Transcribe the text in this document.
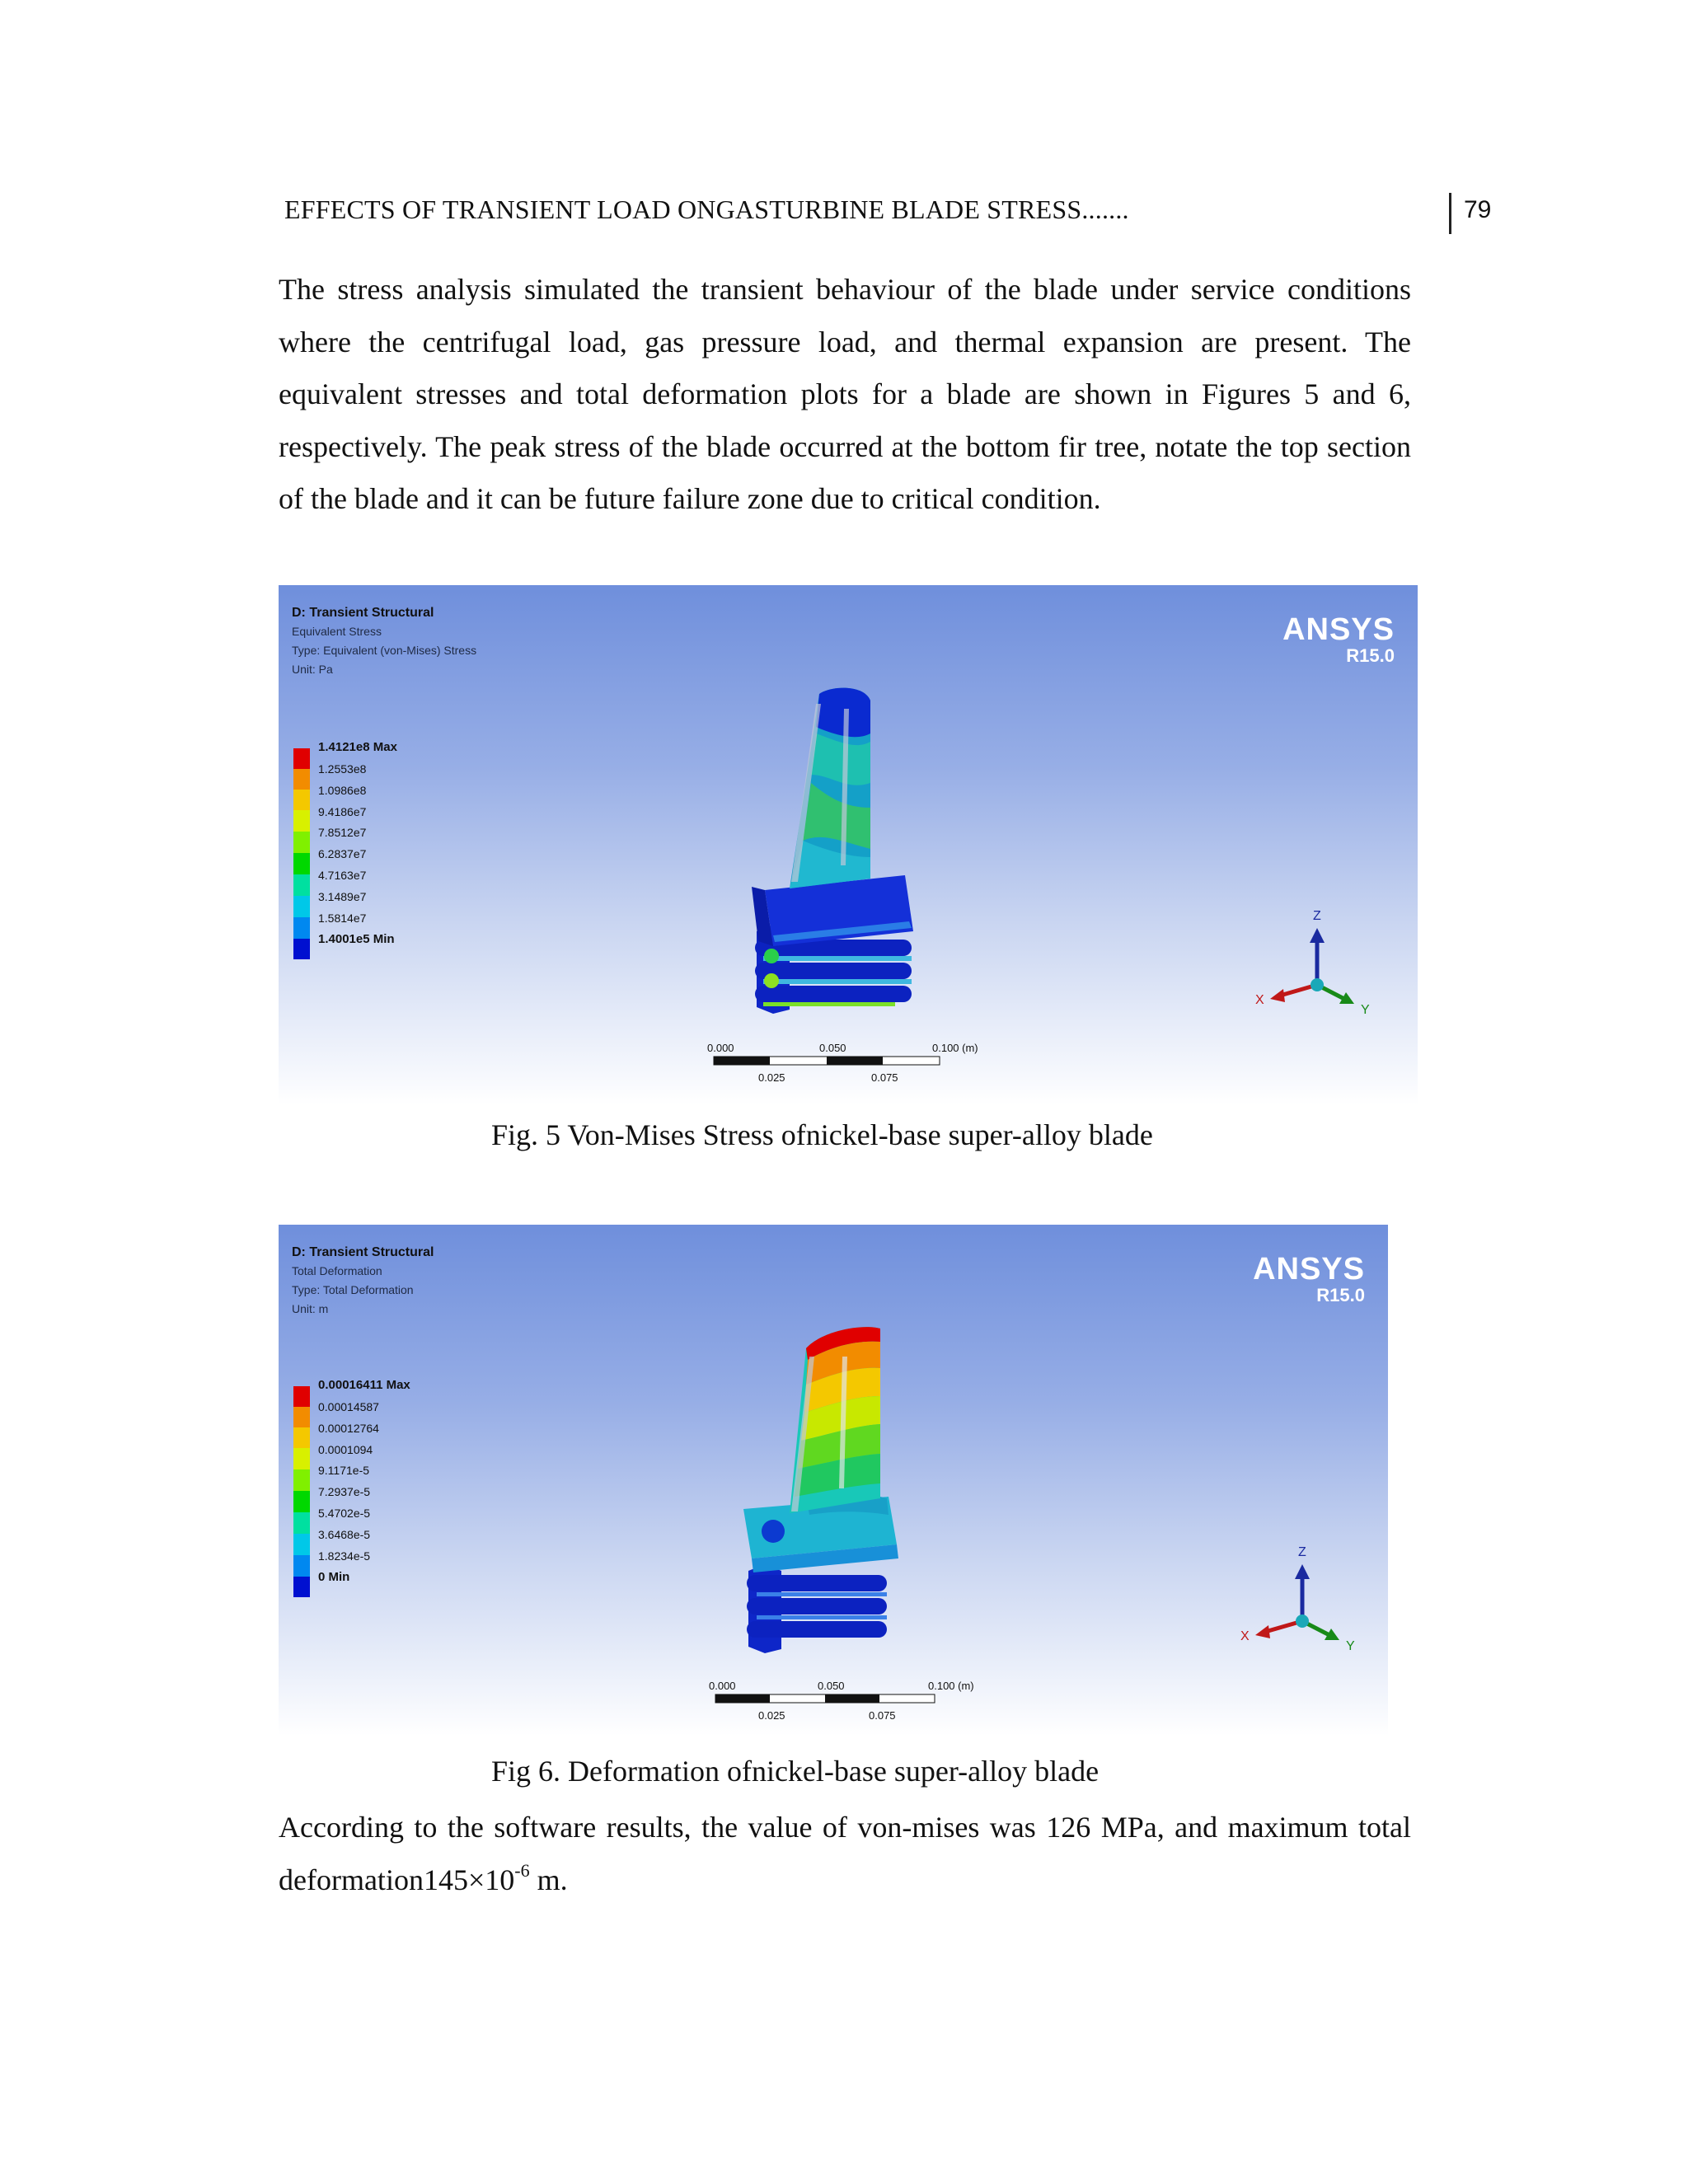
EFFECTS OF TRANSIENT LOAD ONGASTURBINE BLADE STRESS.......	79

The stress analysis simulated the transient behaviour of the blade under service conditions where the centrifugal load, gas pressure load, and thermal expansion are present. The equivalent stresses and total deformation plots for a blade are shown in Figures 5 and 6, respectively. The peak stress of the blade occurred at the bottom fir tree, notate the top section of the blade and it can be future failure zone due to critical condition.

D: Transient Structural
Equivalent Stress
Type: Equivalent (von-Mises) Stress
Unit: Pa
ANSYS
R15.0
1.4121e8 Max
1.2553e8
1.0986e8
9.4186e7
7.8512e7
6.2837e7
4.7163e7
3.1489e7
1.5814e7
1.4001e5 Min
Z
X
Y
0.000	0.050	0.100 (m)
0.025	0.075
Fig. 5 Von-Mises Stress ofnickel-base super-alloy blade
D: Transient Structural
Total Deformation
Type: Total Deformation
Unit: m
ANSYS
R15.0
0.00016411 Max
0.00014587
0.00012764
0.0001094
9.1171e-5
7.2937e-5
5.4702e-5
3.6468e-5
1.8234e-5
0 Min
Z
X
Y
0.000	0.050	0.100 (m)
0.025	0.075
Fig 6. Deformation ofnickel-base super-alloy blade

According to the software results, the value of von-mises was 126 MPa, and maximum total $deformation145\times 10^{-6}$ m.
